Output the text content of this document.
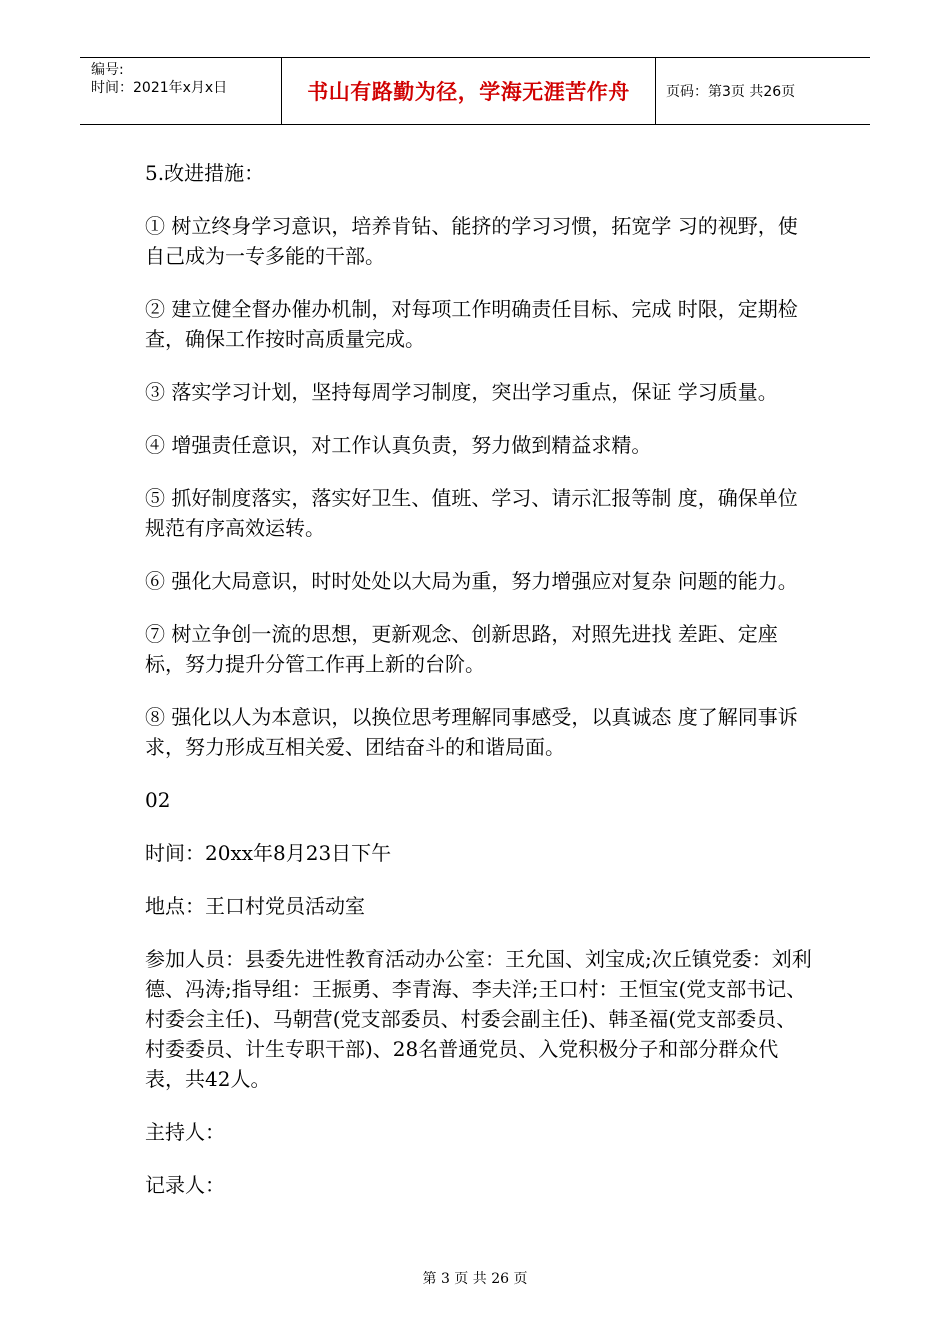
编号:
时间：2021年x月x日	书山有路勤为径，学海无涯苦作舟	页码：第3页 共26页

5.改进措施：

① 树立终身学习意识，培养肯钻、能挤的学习习惯，拓宽学 习的视野，使自己成为一专多能的干部。

② 建立健全督办催办机制，对每项工作明确责任目标、完成 时限，定期检查，确保工作按时高质量完成。

③ 落实学习计划，坚持每周学习制度，突出学习重点，保证 学习质量。

④ 增强责任意识，对工作认真负责，努力做到精益求精。

⑤ 抓好制度落实，落实好卫生、值班、学习、请示汇报等制 度，确保单位规范有序高效运转。

⑥ 强化大局意识，时时处处以大局为重，努力增强应对复杂 问题的能力。

⑦ 树立争创一流的思想，更新观念、创新思路，对照先进找 差距、定座标，努力提升分管工作再上新的台阶。

⑧ 强化以人为本意识，以换位思考理解同事感受，以真诚态 度了解同事诉求，努力形成互相关爱、团结奋斗的和谐局面。

02

时间：20xx年8月23日下午

地点：王口村党员活动室

参加人员：县委先进性教育活动办公室：王允国、刘宝成;次丘镇党委：刘利德、冯涛;指导组：王振勇、李青海、李夫洋;王口村：王恒宝(党支部书记、村委会主任)、马朝营(党支部委员、村委会副主任)、韩圣福(党支部委员、村委委员、计生专职干部)、28名普通党员、入党积极分子和部分群众代表，共42人。

主持人：

记录人：

第 3 页 共 26 页
